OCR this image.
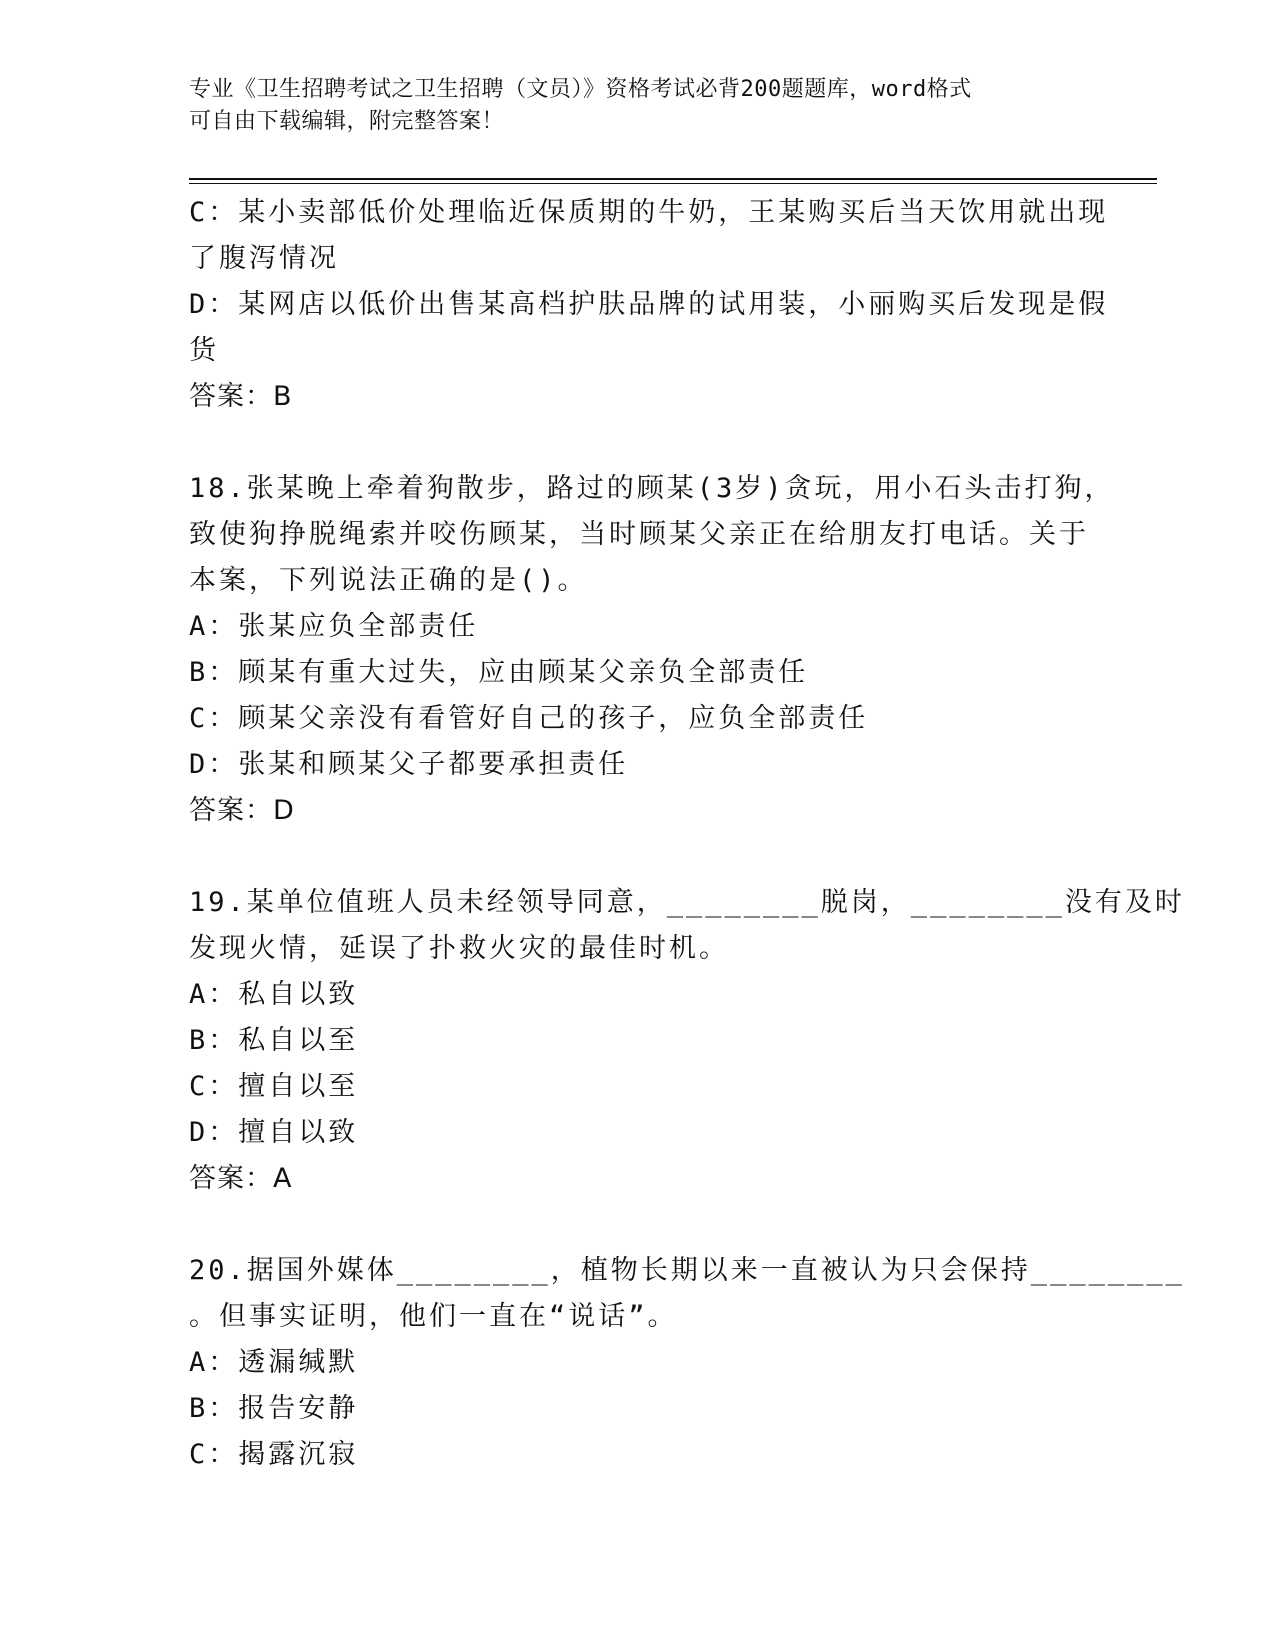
专业《卫生招聘考试之卫生招聘（文员）》资格考试必背200题题库，word格式
可自由下载编辑，附完整答案！
C：某小卖部低价处理临近保质期的牛奶，王某购买后当天饮用就出现
了腹泻情况
D：某网店以低价出售某高档护肤品牌的试用装，小丽购买后发现是假
货
答案：B
18.张某晚上牵着狗散步，路过的顾某(3岁)贪玩，用小石头击打狗，
致使狗挣脱绳索并咬伤顾某，当时顾某父亲正在给朋友打电话。关于
本案，下列说法正确的是()。
A：张某应负全部责任
B：顾某有重大过失，应由顾某父亲负全部责任
C：顾某父亲没有看管好自己的孩子，应负全部责任
D：张某和顾某父子都要承担责任
答案：D
19.某单位值班人员未经领导同意，________脱岗，________没有及时
发现火情，延误了扑救火灾的最佳时机。
A：私自以致
B：私自以至
C：擅自以至
D：擅自以致
答案：A
20.据国外媒体________，植物长期以来一直被认为只会保持________
。但事实证明，他们一直在“说话”。
A：透漏缄默
B：报告安静
C：揭露沉寂
